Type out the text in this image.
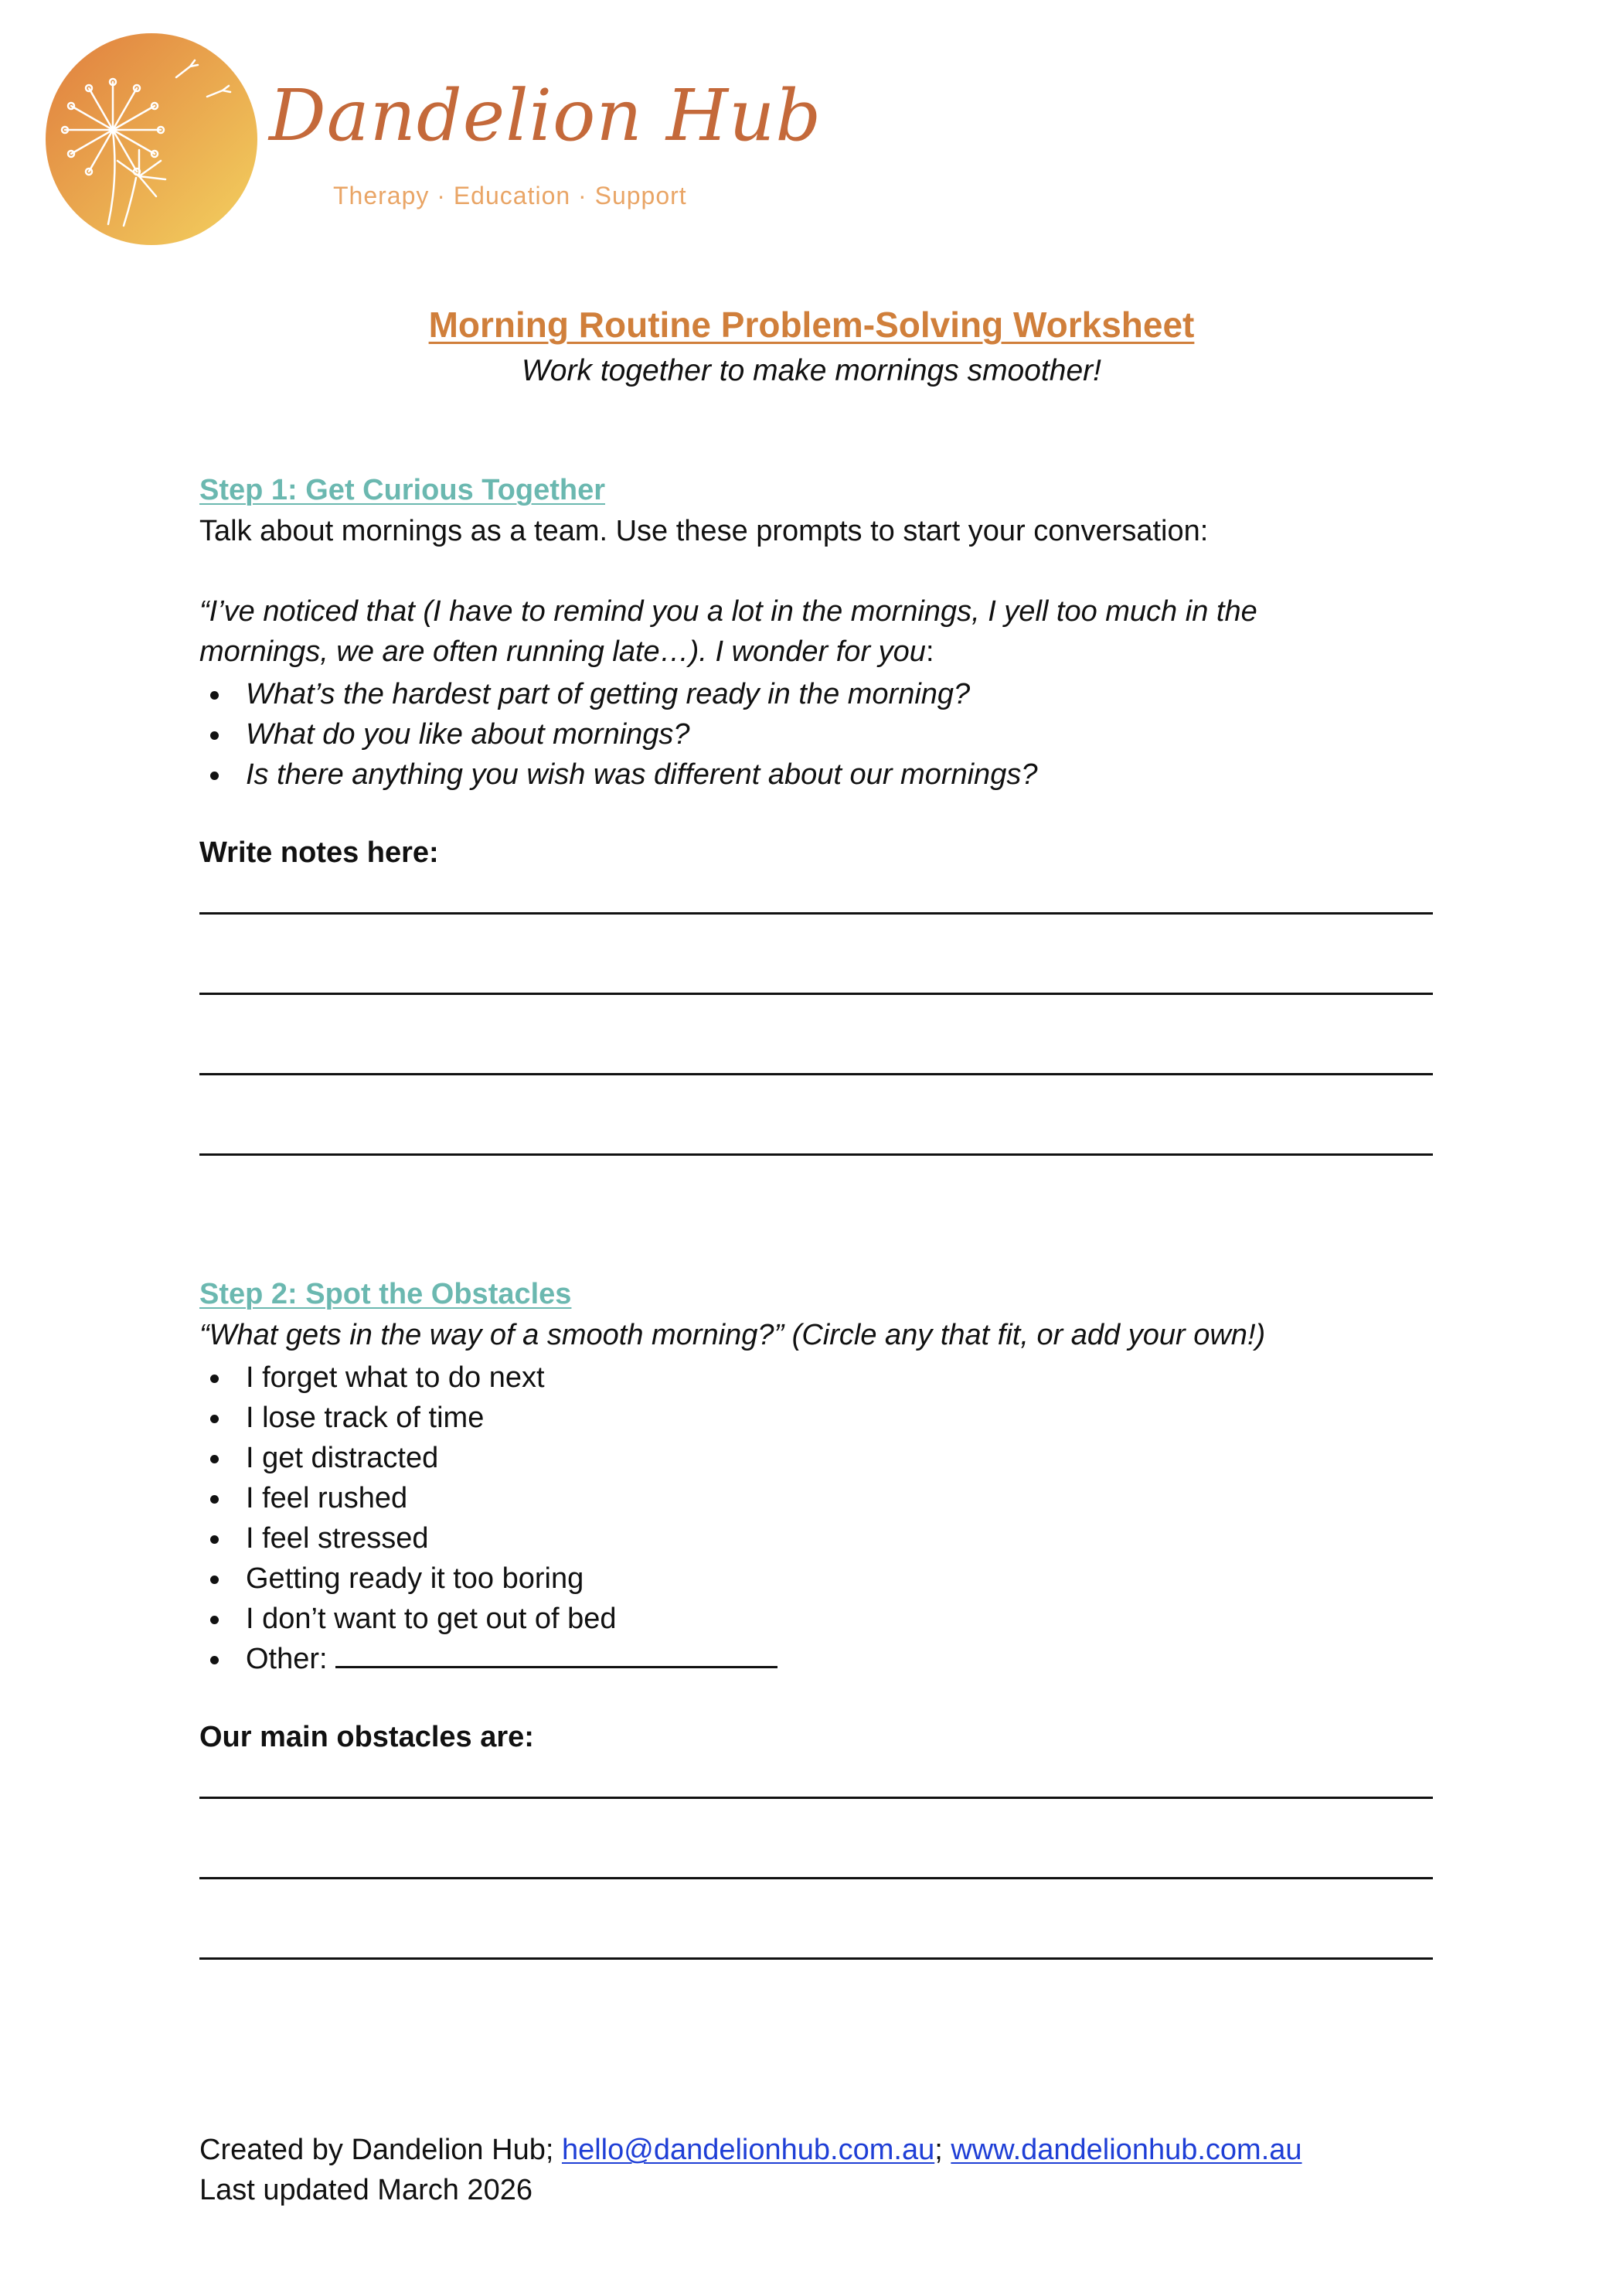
Dandelion Hub
Therapy · Education · Support
Morning Routine Problem-Solving Worksheet
Work together to make mornings smoother!
Step 1: Get Curious Together
Talk about mornings as a team. Use these prompts to start your conversation:
“I’ve noticed that (I have to remind you a lot in the mornings, I yell too much in the
mornings, we are often running late…). I wonder for you:
What’s the hardest part of getting ready in the morning?
What do you like about mornings?
Is there anything you wish was different about our mornings?
Write notes here:
Step 2: Spot the Obstacles
“What gets in the way of a smooth morning?” (Circle any that fit, or add your own!)
I forget what to do next
I lose track of time
I get distracted
I feel rushed
I feel stressed
Getting ready it too boring
I don’t want to get out of bed
Other:
Our main obstacles are:
Created by Dandelion Hub; hello@dandelionhub.com.au; www.dandelionhub.com.au
Last updated March 2026
